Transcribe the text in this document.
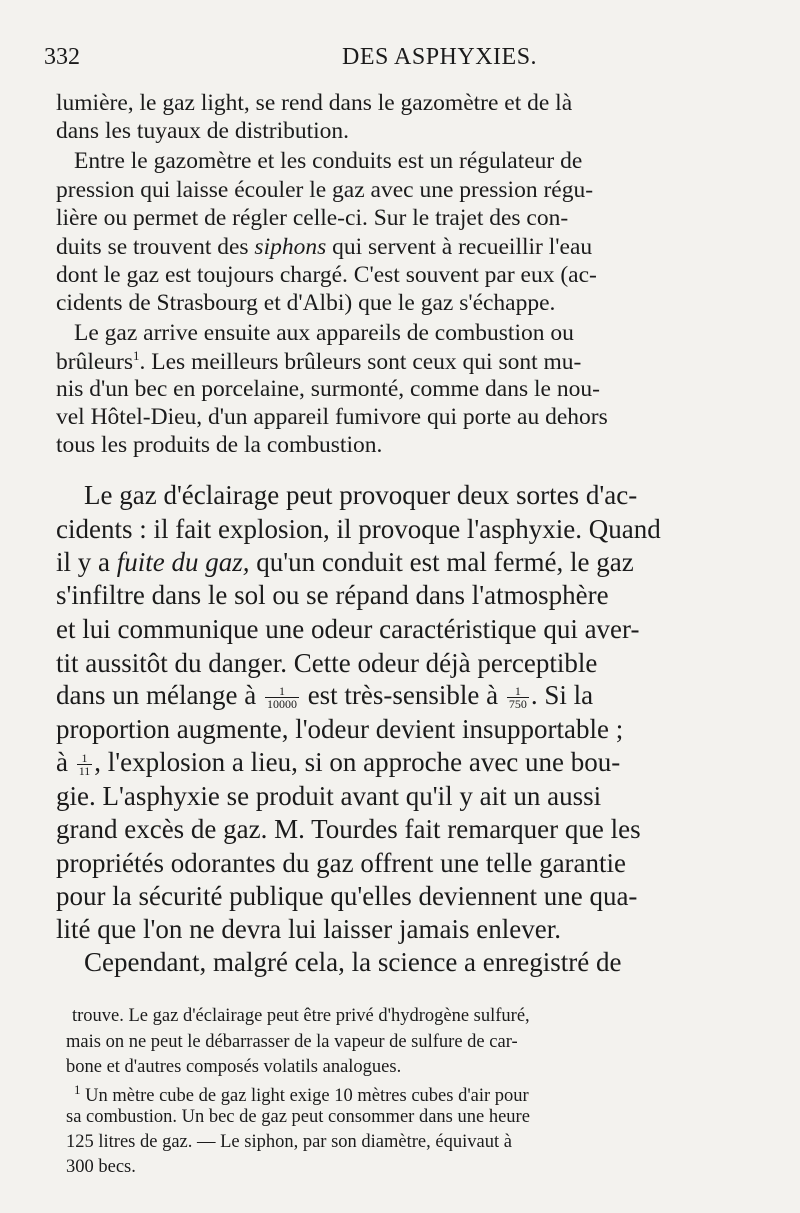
332	DES ASPHYXIES.
lumière, le gaz light, se rend dans le gazomètre et de là
dans les tuyaux de distribution.
Entre le gazomètre et les conduits est un régulateur de
pression qui laisse écouler le gaz avec une pression régu-
lière ou permet de régler celle-ci. Sur le trajet des con-
duits se trouvent des siphons qui servent à recueillir l'eau
dont le gaz est toujours chargé. C'est souvent par eux (ac-
cidents de Strasbourg et d'Albi) que le gaz s'échappe.
Le gaz arrive ensuite aux appareils de combustion ou
brûleurs$^1$. Les meilleurs brûleurs sont ceux qui sont mu-
nis d'un bec en porcelaine, surmonté, comme dans le nou-
vel Hôtel-Dieu, d'un appareil fumivore qui porte au dehors
tous les produits de la combustion.
Le gaz d'éclairage peut provoquer deux sortes d'ac-
cidents : il fait explosion, il provoque l'asphyxie. Quand
il y a fuite du gaz, qu'un conduit est mal fermé, le gaz
s'infiltre dans le sol ou se répand dans l'atmosphère
et lui communique une odeur caractéristique qui aver-
tit aussitôt du danger. Cette odeur déjà perceptible
dans un mélange à $\frac{1}{10000}$ est très-sensible à $\frac{1}{750}$ . Si la
proportion augmente, l'odeur devient insupportable ;
à $\frac{1}{11}$ , l'explosion a lieu, si on approche avec une bou-
gie. L'asphyxie se produit avant qu'il y ait un aussi
grand excès de gaz. M. Tourdes fait remarquer que les
propriétés odorantes du gaz offrent une telle garantie
pour la sécurité publique qu'elles deviennent une qua-
lité que l'on ne devra lui laisser jamais enlever.
Cependant, malgré cela, la science a enregistré de
trouve. Le gaz d'éclairage peut être privé d'hydrogène sulfuré,
mais on ne peut le débarrasser de la vapeur de sulfure de car-
bone et d'autres composés volatils analogues.
$^1$ Un mètre cube de gaz light exige 10 mètres cubes d'air pour
sa combustion. Un bec de gaz peut consommer dans une heure
125 litres de gaz. — Le siphon, par son diamètre, équivaut à
300 becs.
